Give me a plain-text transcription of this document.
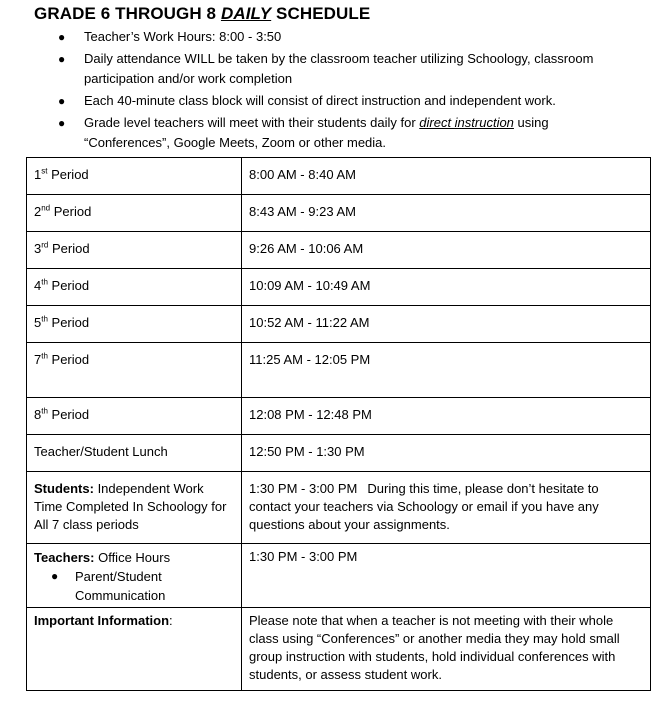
GRADE 6 THROUGH 8 DAILY SCHEDULE
● Teacher’s Work Hours: 8:00 - 3:50
● Daily attendance WILL be taken by the classroom teacher utilizing Schoology, classroom participation and/or work completion
● Each 40-minute class block will consist of direct instruction and independent work.
● Grade level teachers will meet with their students daily for direct instruction using “Conferences”, Google Meets, Zoom or other media.
1st Period	8:00 AM - 8:40 AM
2nd Period	8:43 AM - 9:23 AM
3rd Period	9:26 AM - 10:06 AM
4th Period	10:09 AM - 10:49 AM
5th Period	10:52 AM - 11:22 AM
7th Period	11:25 AM - 12:05 PM
8th Period	12:08 PM - 12:48 PM
Teacher/Student Lunch	12:50 PM - 1:30 PM
Students: Independent Work Time Completed In Schoology for All 7 class periods	1:30 PM - 3:00 PM During this time, please don’t hesitate to contact your teachers via Schoology or email if you have any questions about your assignments.

Teachers: Office Hours
● Parent/Student Communication	1:30 PM - 3:00 PM
Important Information:	Please note that when a teacher is not meeting with their whole class using “Conferences” or another media they may hold small group instruction with students, hold individual conferences with students, or assess student work.
